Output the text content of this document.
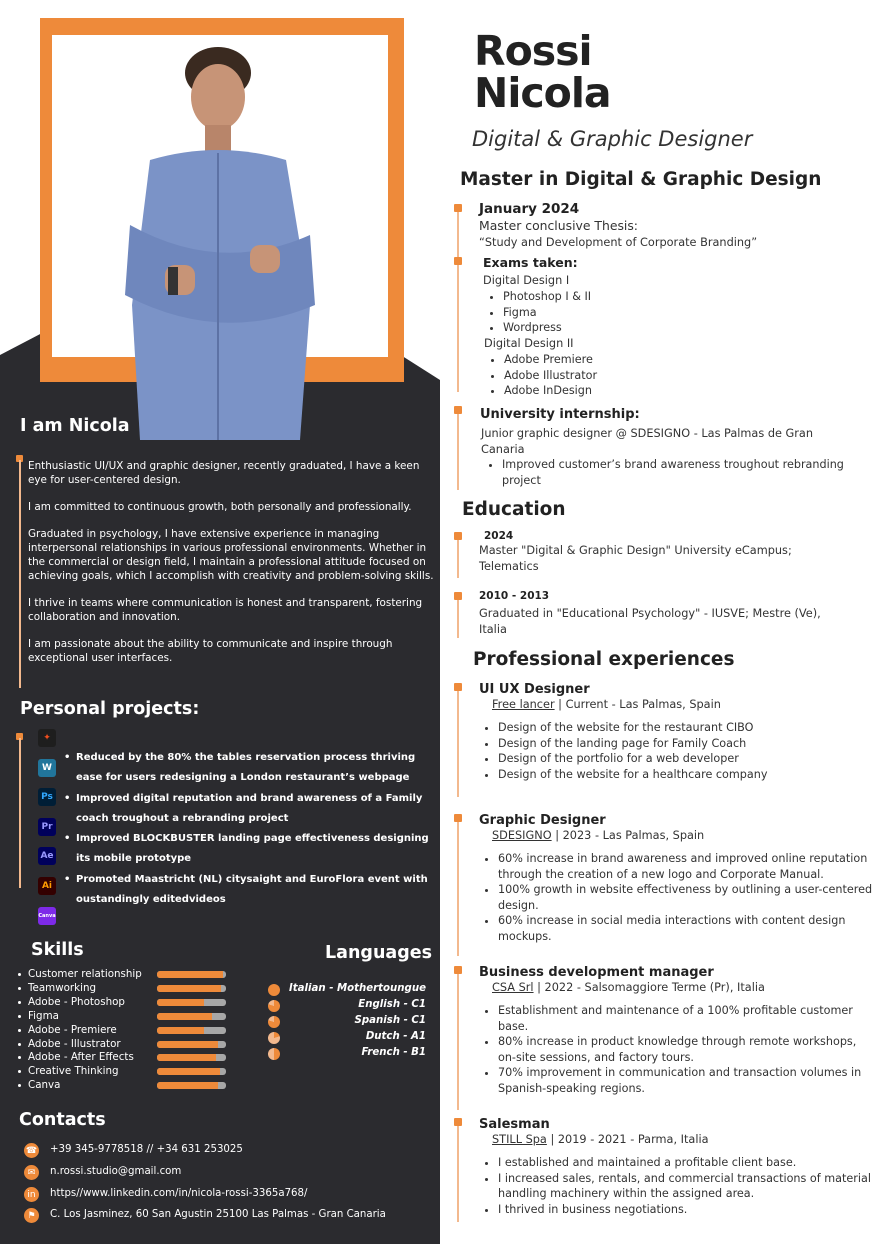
I am Nicola

Enthusiastic UI/UX and graphic designer, recently graduated, I have a keen eye for user-centered design.

I am committed to continuous growth, both personally and professionally.

Graduated in psychology, I have extensive experience in managing interpersonal relationships in various professional environments. Whether in the commercial or design field, I maintain a professional attitude focused on achieving goals, which I accomplish with creativity and problem-solving skills.

I thrive in teams where communication is honest and transparent, fostering collaboration and innovation.

I am passionate about the ability to communicate and inspire through exceptional user interfaces.

Personal projects:
✦
W
Ps
Pr
Ae
Ai
Canva
• Reduced by the 80% the tables reservation process thriving ease for users redesigning a London restaurant’s webpage
• Improved digital reputation and brand awareness of a Family coach troughout a rebranding project
• Improved BLOCKBUSTER landing page effectiveness designing its mobile prototype
• Promoted Maastricht (NL) citysaight and EuroFlora event with oustandingly editedvideos
Skills
Customer relationship
Teamworking
Adobe - Photoshop
Figma
Adobe - Premiere
Adobe - Illustrator
Adobe - After Effects
Creative Thinking
Canva
Languages
Italian - Mothertoungue
English - C1
Spanish - C1
Dutch - A1
French - B1
Contacts
☎ +39 345-9778518 // +34 631 253025
✉	n.rossi.studio@gmail.com
in	https//www.linkedin.com/in/nicola-rossi-3365a768/
⚑	C. Los Jasminez, 60 San Agustin 25100 Las Palmas - Gran Canaria
Rossi
Nicola
Digital & Graphic Designer
Master in Digital & Graphic Design
January 2024
Master conclusive Thesis:
“Study and Development of Corporate Branding”
Exams taken:
Digital Design I
• Photoshop I & II
• Figma
• Wordpress
Digital Design II
• Adobe Premiere
• Adobe Illustrator
• Adobe InDesign
University internship:
Junior graphic designer @ SDESIGNO - Las Palmas de Gran Canaria
• Improved customer’s brand awareness troughout rebranding project
Education
2024
Master "Digital & Graphic Design" University eCampus; Telematics
2010 - 2013
Graduated in "Educational Psychology" - IUSVE; Mestre (Ve), Italia
Professional experiences
UI UX Designer
Free lancer | Current - Las Palmas, Spain
• Design of the website for the restaurant CIBO
• Design of the landing page for Family Coach
• Design of the portfolio for a web developer
• Design of the website for a healthcare company
Graphic Designer
SDESIGNO | 2023 - Las Palmas, Spain
• 60% increase in brand awareness and improved online reputation through the creation of a new logo and Corporate Manual.
• 100% growth in website effectiveness by outlining a user-centered design.
• 60% increase in social media interactions with content design mockups.
Business development manager
CSA Srl | 2022 - Salsomaggiore Terme (Pr), Italia
• Establishment and maintenance of a 100% profitable customer base.
• 80% increase in product knowledge through remote workshops, on-site sessions, and factory tours.
• 70% improvement in communication and transaction volumes in Spanish-speaking regions.
Salesman
STILL Spa | 2019 - 2021 - Parma, Italia
• I established and maintained a profitable client base.
• I increased sales, rentals, and commercial transactions of material handling machinery within the assigned area.
• I thrived in business negotiations.
